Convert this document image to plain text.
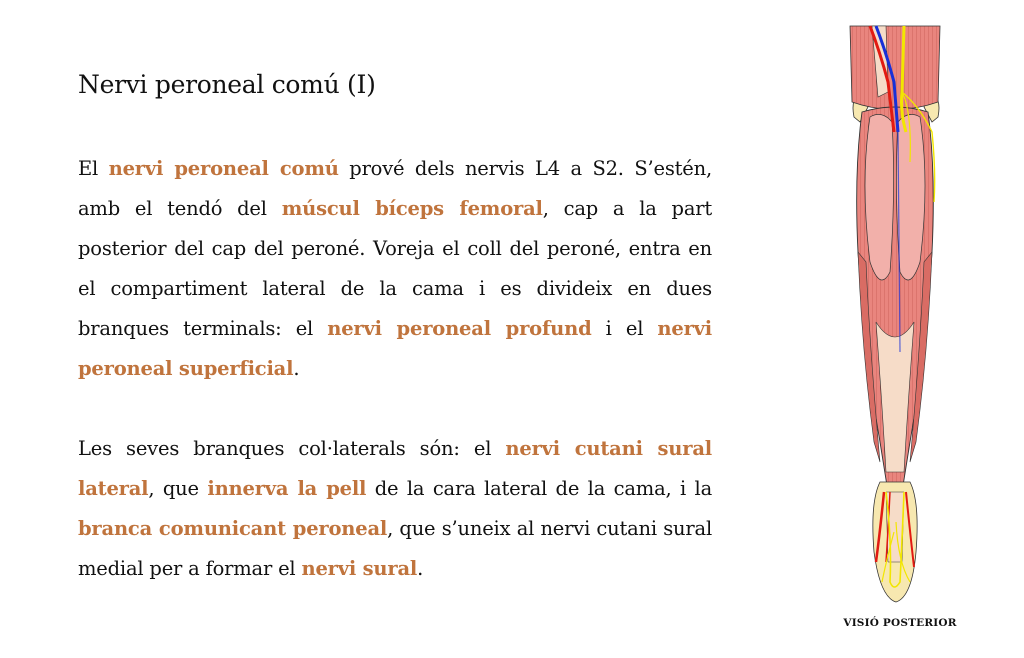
Nervi peroneal comú (I)

El nervi peroneal comú prové dels nervis L4 a S2. S’estén, amb el tendó del múscul bíceps femoral, cap a la part posterior del cap del peroné. Voreja el coll del peroné, entra en el compartiment lateral de la cama i es divideix en dues branques terminals: el nervi peroneal profund i el nervi peroneal superficial.

Les seves branques col·laterals són: el nervi cutani sural lateral, que innerva la pell de la cara lateral de la cama, i la branca comunicant peroneal, que s’uneix al nervi cutani sural medial per a formar el nervi sural.

VISIÓ POSTERIOR
